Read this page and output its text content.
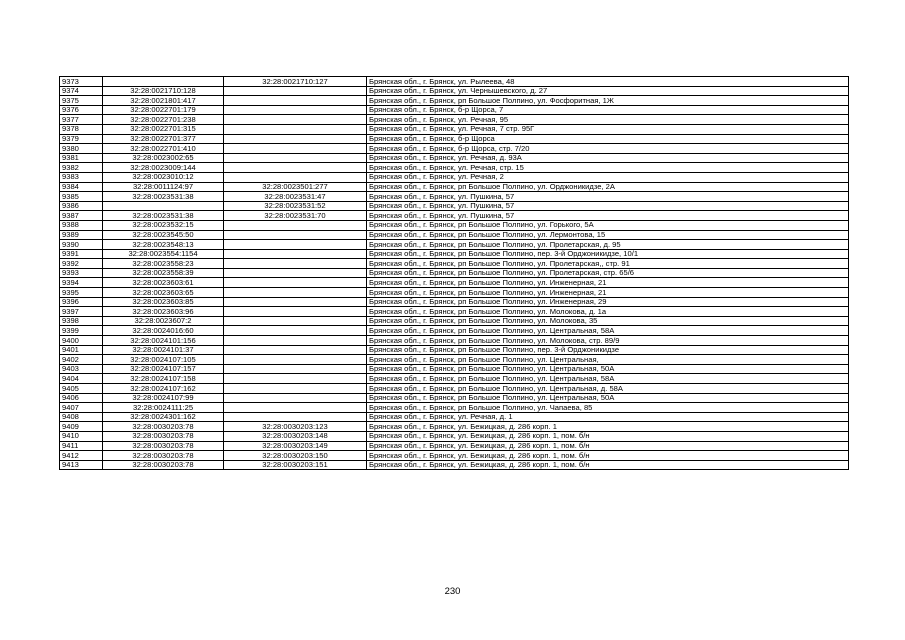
9373		32:28:0021710:127	Брянская обл., г. Брянск, ул. Рылеева, 48
9374	32:28:0021710:128		Брянская обл., г. Брянск, ул. Чернышевского, д. 27
9375	32:28:0021801:417		Брянская обл., г. Брянск, рп Большое Полпино, ул. Фосфоритная, 1Ж
9376	32:28:0022701:179		Брянская обл., г. Брянск, б-р Щорса, 7
9377	32:28:0022701:238		Брянская обл., г. Брянск, ул. Речная, 95
9378	32:28:0022701:315		Брянская обл., г. Брянск, ул. Речная, 7 стр. 95Г
9379	32:28:0022701:377		Брянская обл., г. Брянск, б-р Щорса
9380	32:28:0022701:410		Брянская обл., г. Брянск, б-р Щорса, стр. 7/20
9381	32:28:0023002:65		Брянская обл., г. Брянск, ул. Речная, д. 93А
9382	32:28:0023009:144		Брянская обл., г. Брянск, ул. Речная, стр. 15
9383	32:28:0023010:12		Брянская обл., г. Брянск, ул. Речная, 2
9384	32:28:0011124:97	32:28:0023501:277	Брянская обл., г. Брянск, рп Большое Полпино, ул. Орджоникидзе, 2А
9385	32:28:0023531:38	32:28:0023531:47	Брянская обл., г. Брянск, ул. Пушкина, 57
9386		32:28:0023531:52	Брянская обл., г. Брянск, ул. Пушкина, 57
9387	32:28:0023531:38	32:28:0023531:70	Брянская обл., г. Брянск, ул. Пушкина, 57
9388	32:28:0023532:15		Брянская обл., г. Брянск, рп Большое Полпино, ул. Горького, 5А
9389	32:28:0023545:50		Брянская обл., г. Брянск, рп Большое Полпино, ул. Лермонтова, 15
9390	32:28:0023548:13		Брянская обл., г. Брянск, рп Большое Полпино, ул. Пролетарская, д. 95
9391	32:28:0023554:1154		Брянская обл., г. Брянск, рп Большое Полпино, пер. 3-й Орджоникидзе, 10/1
9392	32:28:0023558:23		Брянская обл., г. Брянск, рп Большое Полпино, ул. Пролетарская,, стр. 91
9393	32:28:0023558:39		Брянская обл., г. Брянск, рп Большое Полпино, ул. Пролетарская, стр. 65/6
9394	32:28:0023603:61		Брянская обл., г. Брянск, рп Большое Полпино, ул. Инженерная, 21
9395	32:28:0023603:65		Брянская обл., г. Брянск, рп Большое Полпино, ул. Инженерная, 21
9396	32:28:0023603:85		Брянская обл., г. Брянск, рп Большое Полпино, ул. Инженерная, 29
9397	32:28:0023603:96		Брянская обл., г. Брянск, рп Большое Полпино, ул. Молокова, д. 1а
9398	32:28:0023607:2		Брянская обл., г. Брянск, рп Большое Полпино, ул. Молокова, 35
9399	32:28:0024016:60		Брянская обл., г. Брянск, рп Большое Полпино, ул. Центральная, 58А
9400	32:28:0024101:156		Брянская обл., г. Брянск, рп Большое Полпино, ул. Молокова, стр. 89/9
9401	32:28:0024101:37		Брянская обл., г. Брянск, рп Большое Полпино, пер. 3-й Орджоникидзе
9402	32:28:0024107:105		Брянская обл., г. Брянск, рп Большое Полпино, ул. Центральная,
9403	32:28:0024107:157		Брянская обл., г. Брянск, рп Большое Полпино, ул. Центральная, 50А
9404	32:28:0024107:158		Брянская обл., г. Брянск, рп Большое Полпино, ул. Центральная, 58А
9405	32:28:0024107:162		Брянская обл., г. Брянск, рп Большое Полпино, ул. Центральная, д. 58А
9406	32:28:0024107:99		Брянская обл., г. Брянск, рп Большое Полпино, ул. Центральная, 50А
9407	32:28:0024111:25		Брянская обл., г. Брянск, рп Большое Полпино, ул. Чапаева, 85
9408	32:28:0024301:162		Брянская обл., г. Брянск, ул. Речная, д. 1
9409	32:28:0030203:78	32:28:0030203:123	Брянская обл., г. Брянск, ул. Бежицкая, д. 286 корп. 1
9410	32:28:0030203:78	32:28:0030203:148	Брянская обл., г. Брянск, ул. Бежицкая, д. 286 корп. 1, пом. б/н
9411	32:28:0030203:78	32:28:0030203:149	Брянская обл., г. Брянск, ул. Бежицкая, д. 286 корп. 1, пом. б/н
9412	32:28:0030203:78	32:28:0030203:150	Брянская обл., г. Брянск, ул. Бежицкая, д. 286 корп. 1, пом. б/н
9413	32:28:0030203:78	32:28:0030203:151	Брянская обл., г. Брянск, ул. Бежицкая, д. 286 корп. 1, пом. б/н
230
